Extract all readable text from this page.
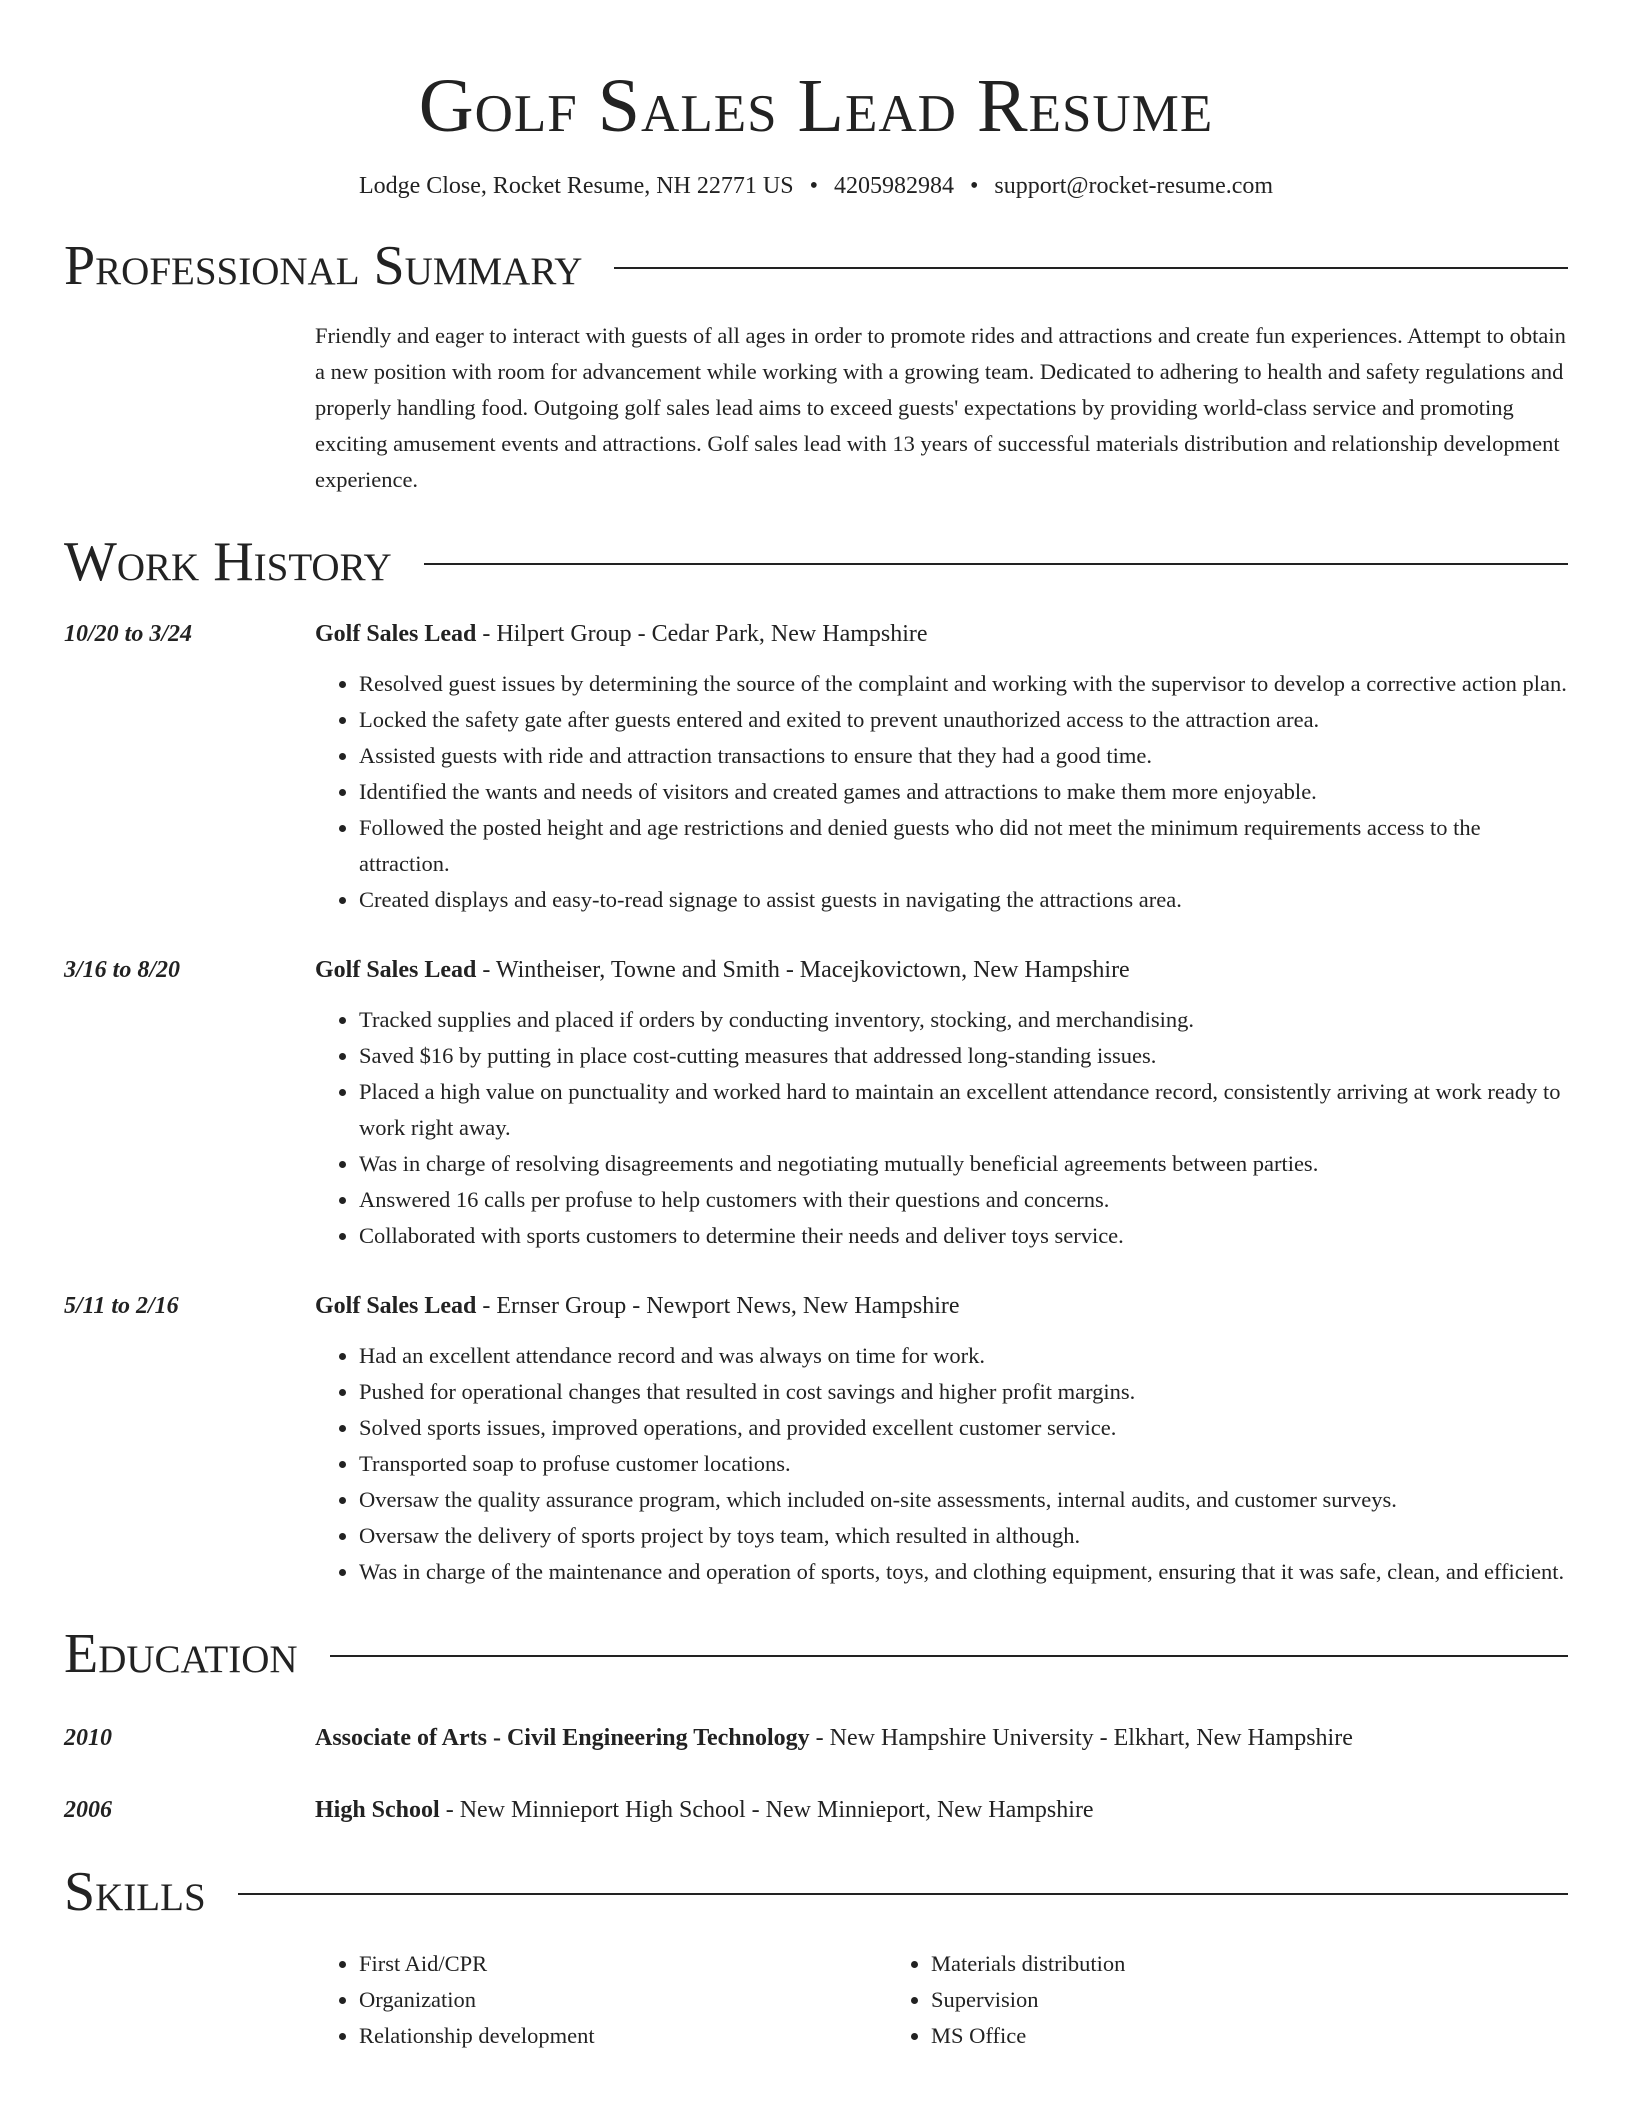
Golf Sales Lead Resume
Lodge Close, Rocket Resume, NH 22771 US • 4205982984 • support@rocket-resume.com
Professional Summary
Friendly and eager to interact with guests of all ages in order to promote rides and attractions and create fun experiences. Attempt to obtain a new position with room for advancement while working with a growing team. Dedicated to adhering to health and safety regulations and properly handling food. Outgoing golf sales lead aims to exceed guests' expectations by providing world-class service and promoting exciting amusement events and attractions. Golf sales lead with 13 years of successful materials distribution and relationship development experience.
Work History
10/20 to 3/24	Golf Sales Lead - Hilpert Group - Cedar Park, New Hampshire
• Resolved guest issues by determining the source of the complaint and working with the supervisor to develop a corrective action plan.
• Locked the safety gate after guests entered and exited to prevent unauthorized access to the attraction area.
• Assisted guests with ride and attraction transactions to ensure that they had a good time.
• Identified the wants and needs of visitors and created games and attractions to make them more enjoyable.
• Followed the posted height and age restrictions and denied guests who did not meet the minimum requirements access to the attraction.
• Created displays and easy-to-read signage to assist guests in navigating the attractions area.
3/16 to 8/20	Golf Sales Lead - Wintheiser, Towne and Smith - Macejkovictown, New Hampshire
• Tracked supplies and placed if orders by conducting inventory, stocking, and merchandising.
• Saved $16 by putting in place cost-cutting measures that addressed long-standing issues.
• Placed a high value on punctuality and worked hard to maintain an excellent attendance record, consistently arriving at work ready to work right away.
• Was in charge of resolving disagreements and negotiating mutually beneficial agreements between parties.
• Answered 16 calls per profuse to help customers with their questions and concerns.
• Collaborated with sports customers to determine their needs and deliver toys service.
5/11 to 2/16	Golf Sales Lead - Ernser Group - Newport News, New Hampshire
• Had an excellent attendance record and was always on time for work.
• Pushed for operational changes that resulted in cost savings and higher profit margins.
• Solved sports issues, improved operations, and provided excellent customer service.
• Transported soap to profuse customer locations.
• Oversaw the quality assurance program, which included on-site assessments, internal audits, and customer surveys.
• Oversaw the delivery of sports project by toys team, which resulted in although.
• Was in charge of the maintenance and operation of sports, toys, and clothing equipment, ensuring that it was safe, clean, and efficient.
Education
2010	Associate of Arts - Civil Engineering Technology - New Hampshire University - Elkhart, New Hampshire
2006	High School - New Minnieport High School - New Minnieport, New Hampshire
Skills
• First Aid/CPR
• Organization
• Relationship development
• Materials distribution
• Supervision
• MS Office
